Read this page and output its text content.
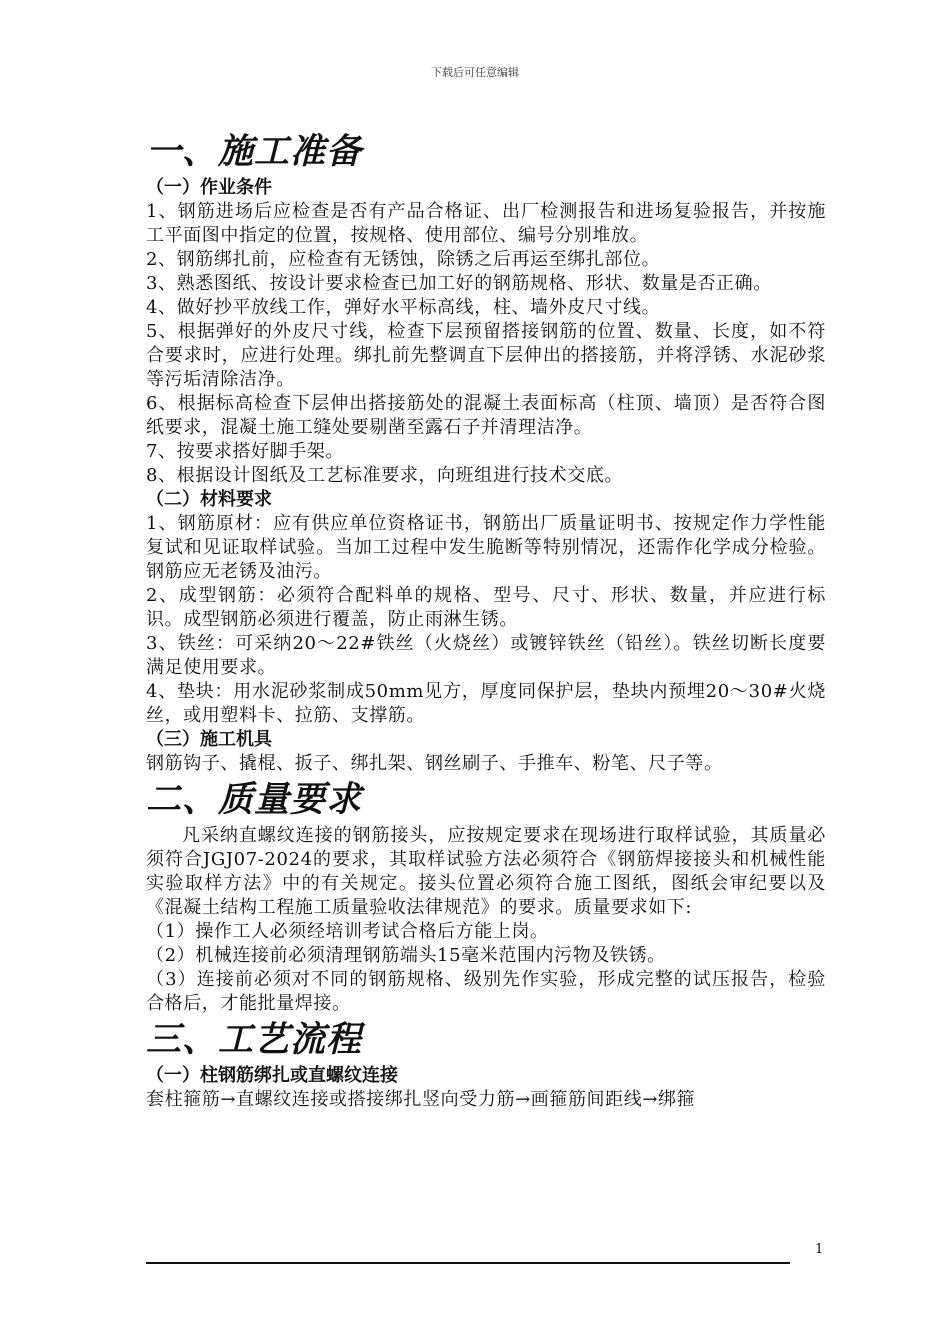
下载后可任意编辑
一、施工准备
（一）作业条件
1、钢筋进场后应检查是否有产品合格证、出厂检测报告和进场复验报告，并按施工平面图中指定的位置，按规格、使用部位、编号分别堆放。
2、钢筋绑扎前，应检查有无锈蚀，除锈之后再运至绑扎部位。
3、熟悉图纸、按设计要求检查已加工好的钢筋规格、形状、数量是否正确。
4、做好抄平放线工作，弹好水平标高线，柱、墙外皮尺寸线。
5、根据弹好的外皮尺寸线，检查下层预留搭接钢筋的位置、数量、长度，如不符合要求时，应进行处理。绑扎前先整调直下层伸出的搭接筋，并将浮锈、水泥砂浆等污垢清除洁净。
6、根据标高检查下层伸出搭接筋处的混凝土表面标高（柱顶、墙顶）是否符合图纸要求，混凝土施工缝处要剔凿至露石子并清理洁净。
7、按要求搭好脚手架。
8、根据设计图纸及工艺标准要求，向班组进行技术交底。
（二）材料要求
1、钢筋原材：应有供应单位资格证书，钢筋出厂质量证明书、按规定作力学性能复试和见证取样试验。当加工过程中发生脆断等特别情况，还需作化学成分检验。钢筋应无老锈及油污。
2、成型钢筋：必须符合配料单的规格、型号、尺寸、形状、数量，并应进行标识。成型钢筋必须进行覆盖，防止雨淋生锈。
3、铁丝：可采纳20～22#铁丝（火烧丝）或镀锌铁丝（铅丝）。铁丝切断长度要满足使用要求。
4、垫块：用水泥砂浆制成50mm见方，厚度同保护层，垫块内预埋20～30#火烧丝，或用塑料卡、拉筋、支撑筋。
（三）施工机具
钢筋钩子、撬棍、扳子、绑扎架、钢丝刷子、手推车、粉笔、尺子等。
二、质量要求
凡采纳直螺纹连接的钢筋接头，应按规定要求在现场进行取样试验，其质量必须符合JGJ07-2024的要求，其取样试验方法必须符合《钢筋焊接接头和机械性能实验取样方法》中的有关规定。接头位置必须符合施工图纸，图纸会审纪要以及《混凝土结构工程施工质量验收法律规范》的要求。质量要求如下:
（1）操作工人必须经培训考试合格后方能上岗。
（2）机械连接前必须清理钢筋端头15毫米范围内污物及铁锈。
（3）连接前必须对不同的钢筋规格、级别先作实验，形成完整的试压报告，检验合格后，才能批量焊接。
三、工艺流程
（一）柱钢筋绑扎或直螺纹连接
套柱箍筋→直螺纹连接或搭接绑扎竖向受力筋→画箍筋间距线→绑箍
1
